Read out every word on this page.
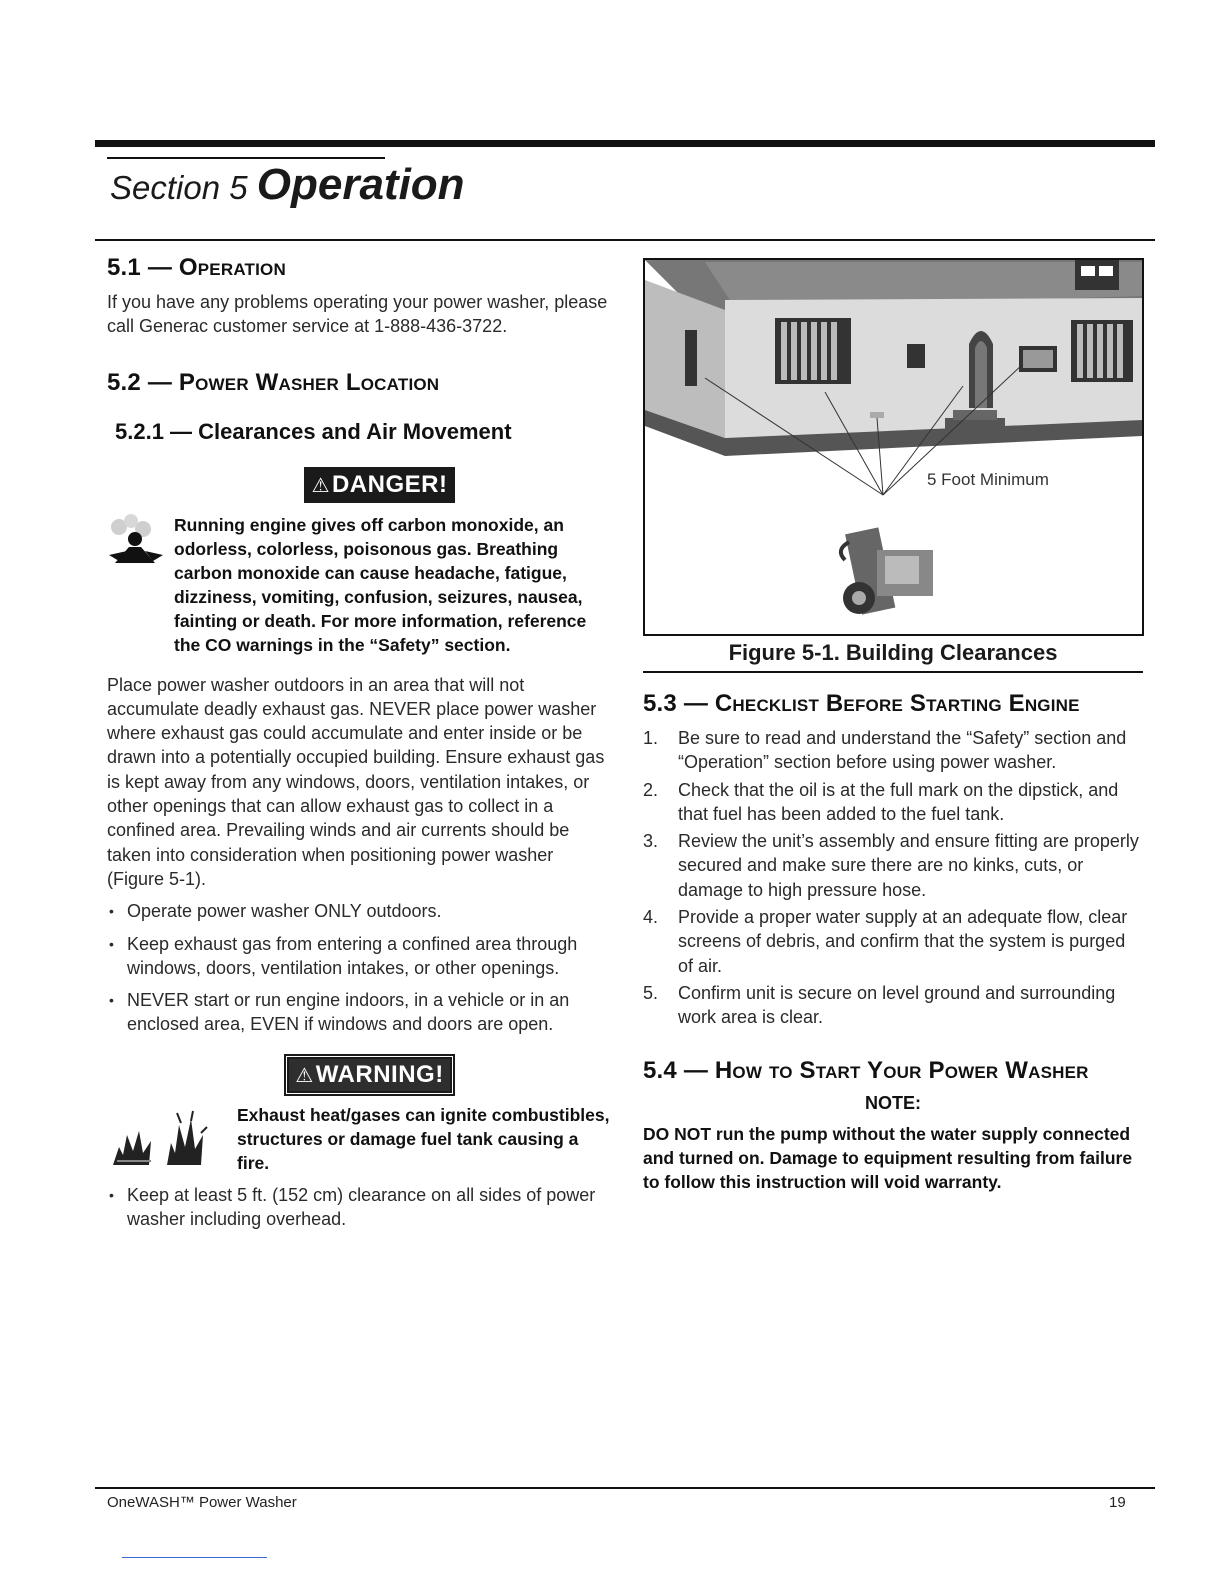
Section 5 Operation
5.1 — Operation

If you have any problems operating your power washer, please call Generac customer service at 1-888-436-3722.

5.2 — Power Washer Location
5.2.1 — Clearances and Air Movement
⚠DANGER!

Running engine gives off carbon monoxide, an odorless, colorless, poisonous gas. Breathing carbon monoxide can cause headache, fatigue, dizziness, vomiting, confusion, seizures, nausea, fainting or death. For more information, reference the CO warnings in the “Safety” section.

Place power washer outdoors in an area that will not accumulate deadly exhaust gas. NEVER place power washer where exhaust gas could accumulate and enter inside or be drawn into a potentially occupied building. Ensure exhaust gas is kept away from any windows, doors, ventilation intakes, or other openings that can allow exhaust gas to collect in a confined area. Prevailing winds and air currents should be taken into consideration when positioning power washer (Figure 5-1).

• Operate power washer ONLY outdoors.
• Keep exhaust gas from entering a confined area through windows, doors, ventilation intakes, or other openings.
• NEVER start or run engine indoors, in a vehicle or in an enclosed area, EVEN if windows and doors are open.
⚠WARNING!

Exhaust heat/gases can ignite combustibles, structures or damage fuel tank causing a fire.

• Keep at least 5 ft. (152 cm) clearance on all sides of power washer including overhead.
5 Foot Minimum

Figure 5-1. Building Clearances

5.3 — Checklist Before Starting Engine
1. Be sure to read and understand the “Safety” section and “Operation” section before using power washer.
2. Check that the oil is at the full mark on the dipstick, and that fuel has been added to the fuel tank.
3. Review the unit’s assembly and ensure fitting are properly secured and make sure there are no kinks, cuts, or damage to high pressure hose.
4. Provide a proper water supply at an adequate flow, clear screens of debris, and confirm that the system is purged of air.
5. Confirm unit is secure on level ground and surrounding work area is clear.
5.4 — How to Start Your Power Washer

NOTE:

DO NOT run the pump without the water supply connected and turned on. Damage to equipment resulting from failure to follow this instruction will void warranty.

OneWASH™ Power Washer	19
